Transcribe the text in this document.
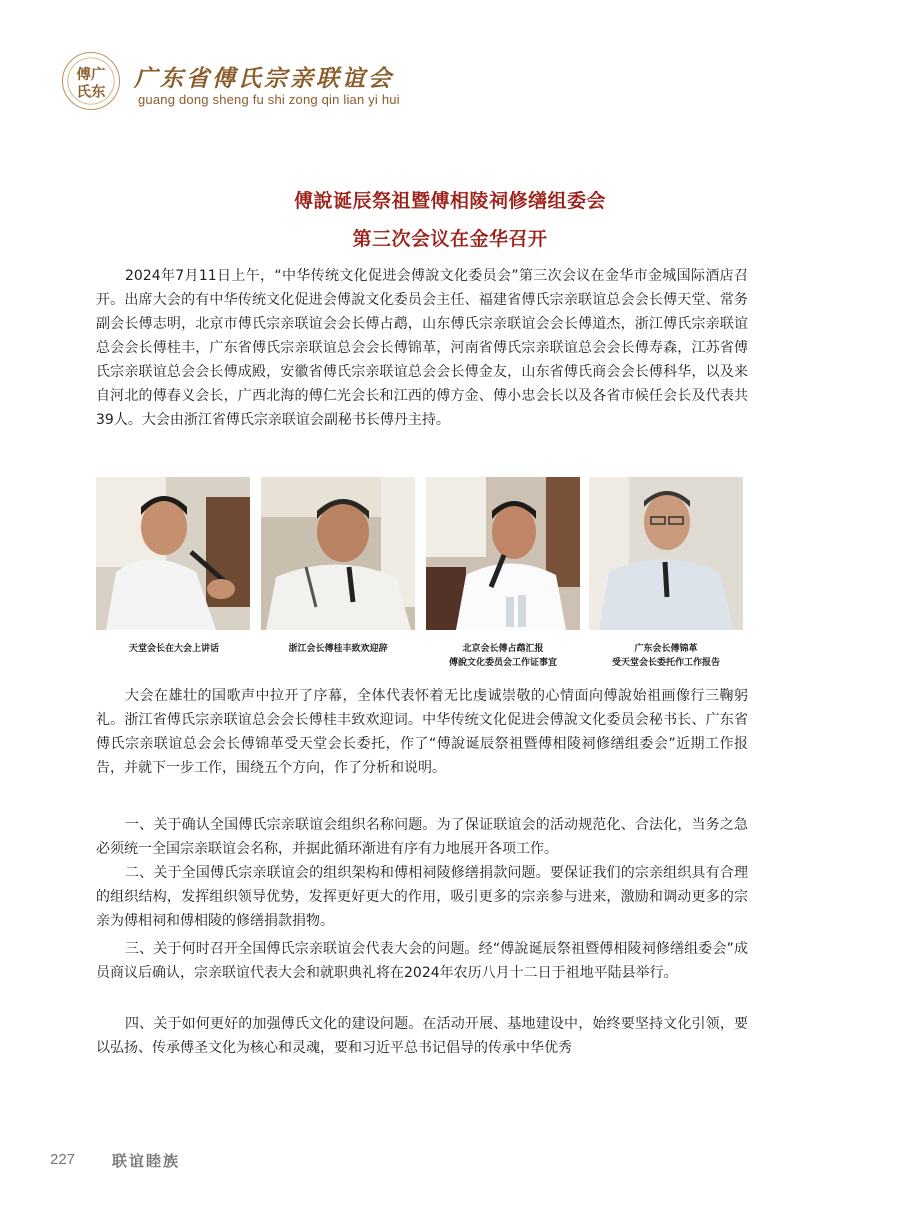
傅广
氏东 广东省傅氏宗亲联谊会
guang dong sheng fu shi zong qin lian yi hui
傅說诞辰祭祖暨傅相陵祠修缮组委会
第三次会议在金华召开

2024年7月11日上午，“中华传统文化促进会傅說文化委员会”第三次会议在金华市金城国际酒店召开。出席大会的有中华传统文化促进会傅說文化委员会主任、福建省傅氏宗亲联谊总会会长傅天堂、常务副会长傅志明，北京市傅氏宗亲联谊会会长傅占鹉，山东傅氏宗亲联谊会会长傅道杰，浙江傅氏宗亲联谊总会会长傅桂丰，广东省傅氏宗亲联谊总会会长傅锦革，河南省傅氏宗亲联谊总会会长傅寿森，江苏省傅氏宗亲联谊总会会长傅成殿，安徽省傅氏宗亲联谊总会会长傅金友，山东省傅氏商会会长傅科华，以及来自河北的傅春义会长，广西北海的傅仁光会长和江西的傅方金、傅小忠会长以及各省市候任会长及代表共39人。大会由浙江省傅氏宗亲联谊会副秘书长傅丹主持。

天堂会长在大会上讲话	浙江会长傅桂丰致欢迎辞	北京会长傅占鹉汇报
傅說文化委员会工作证事宜
广东会长傅锦革
受天堂会长委托作工作报告

大会在雄壮的国歌声中拉开了序幕，全体代表怀着无比虔诚崇敬的心情面向傅說始祖画像行三鞠躬礼。浙江省傅氏宗亲联谊总会会长傅桂丰致欢迎词。中华传统文化促进会傅說文化委员会秘书长、广东省傅氏宗亲联谊总会会长傅锦革受天堂会长委托，作了“傅說诞辰祭祖暨傅相陵祠修缮组委会”近期工作报告，并就下一步工作，围绕五个方向，作了分析和说明。

一、关于确认全国傅氏宗亲联谊会组织名称问题。为了保证联谊会的活动规范化、合法化，当务之急必须统一全国宗亲联谊会名称，并据此循环渐进有序有力地展开各项工作。

二、关于全国傅氏宗亲联谊会的组织架构和傅相祠陵修缮捐款问题。要保证我们的宗亲组织具有合理的组织结构，发挥组织领导优势，发挥更好更大的作用，吸引更多的宗亲参与进来，激励和调动更多的宗亲为傅相祠和傅相陵的修缮捐款捐物。

三、关于何时召开全国傅氏宗亲联谊会代表大会的问题。经“傅說诞辰祭祖暨傅相陵祠修缮组委会”成员商议后确认，宗亲联谊代表大会和就职典礼将在2024年农历八月十二日于祖地平陆县举行。

四、关于如何更好的加强傅氏文化的建设问题。在活动开展、基地建设中，始终要坚持文化引领，要以弘扬、传承傅圣文化为核心和灵魂，要和习近平总书记倡导的传承中华优秀

227 联谊睦族
